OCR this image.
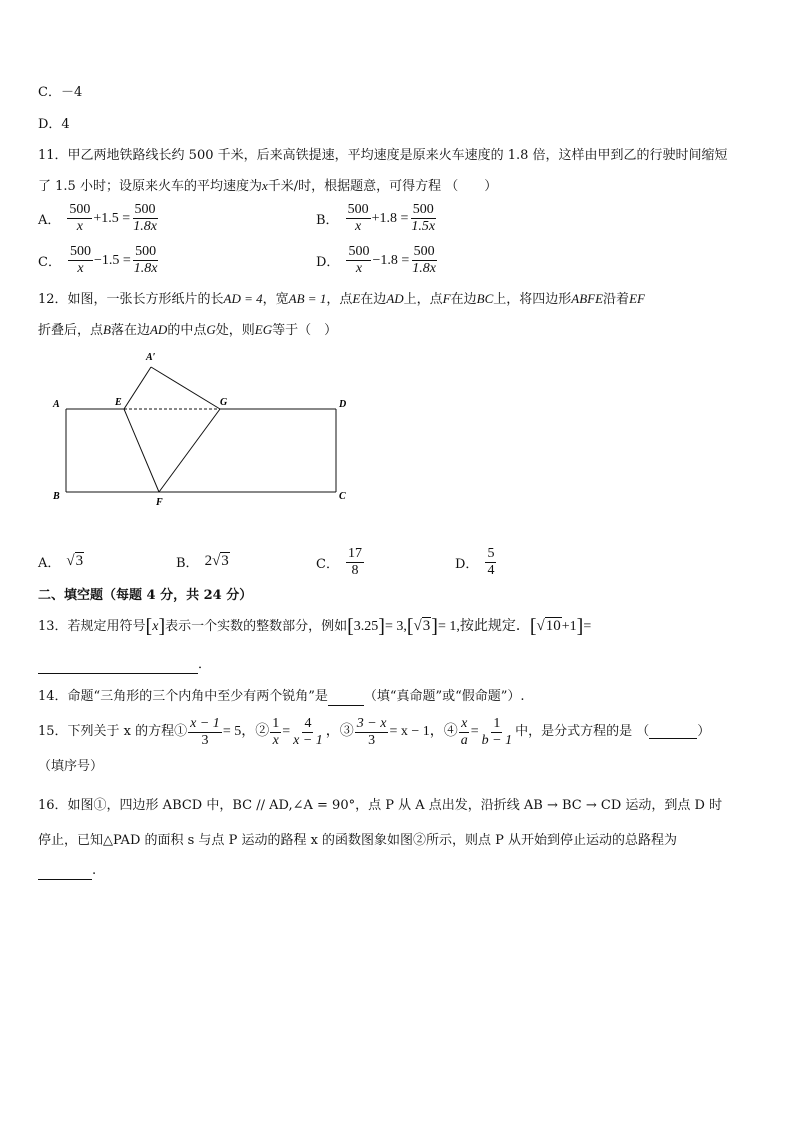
C．－4
D．4
11．甲乙两地铁路线长约 500 千米，后来高铁提速，平均速度是原来火车速度的 1.8 倍，这样由甲到乙的行驶时间缩短
了 1.5 小时；设原来火车的平均速度为x千米/时，根据题意，可得方程 （　　）
A． $\frac{500}{x} +1.5 = \frac{500}{1.8x}$	B． $\frac{500}{x} +1.8 = \frac{500}{1.5x}$
C． $\frac{500}{x} -1.5 = \frac{500}{1.8x}$	D． $\frac{500}{x} -1.8 = \frac{500}{1.8x}$
12．如图，一张长方形纸片的长AD = 4，宽AB = 1，点E在边AD上，点F在边BC上，将四边形ABFE沿着EF
折叠后，点B落在边AD的中点G处，则EG等于（　）
A′
A	E	G	D
B
F
C
A． √3	B． 2√3	C． $\frac{17}{8}$	D． $\frac{5}{4}$
二、填空题（每题 4 分，共 24 分）
13．若规定用符号[x]表示一个实数的整数部分，例如[3.25]= 3,[√3]= 1,按此规定．[√10+1]=
．
14．命题“三角形的三个内角中至少有两个锐角”是	（填“真命题”或“假命题”）.
15．下列关于 x 的方程① $\frac{x - 1}{3} = 5$，② $\frac{1}{x} = \frac{4}{x - 1}$ ，③ $\frac{3 - x}{3} = x - 1$，④ $\frac{x}{a} = \frac{1}{b - 1}$ 中，是分式方程的是 （	）
（填序号）
16．如图①，四边形 ABCD 中，BC // AD,∠A = 90°，点 P 从 A 点出发，沿折线 AB → BC → CD 运动，到点 D 时
停止，已知△PAD 的面积 s 与点 P 运动的路程 x 的函数图象如图②所示，则点 P 从开始到停止运动的总路程为
.
